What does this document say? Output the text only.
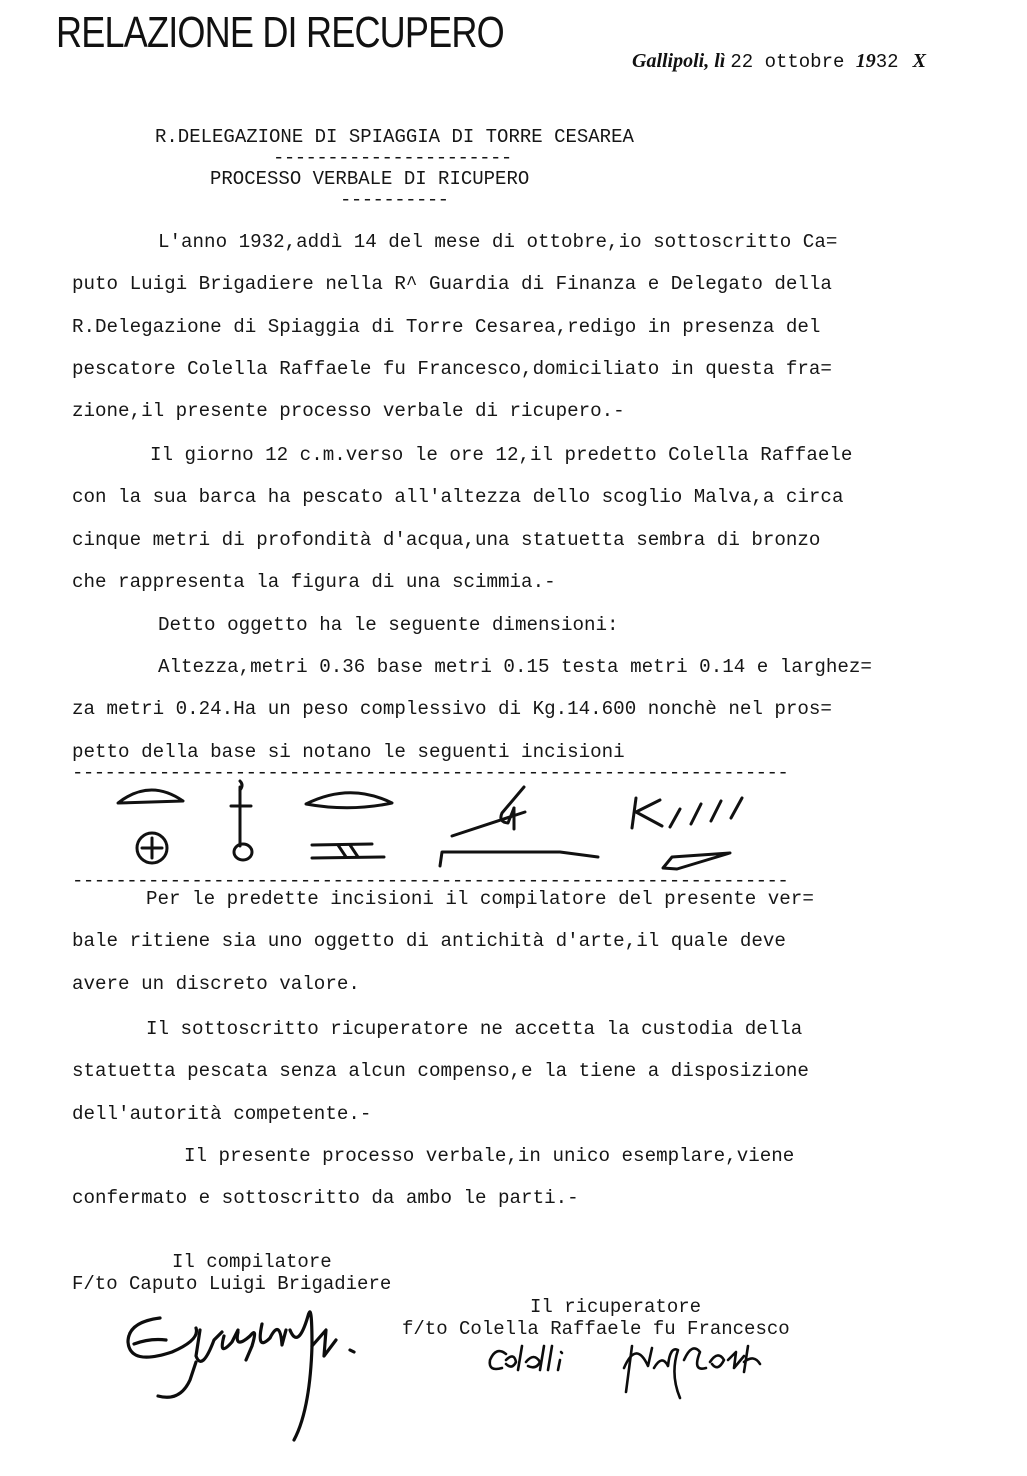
RELAZIONE DI RECUPERO
Gallipoli, lì 22 ottobre 1932 X
R.DELEGAZIONE DI SPIAGGIA DI TORRE CESAREA
----------------------
PROCESSO VERBALE DI RICUPERO
----------
L'anno 1932,addì 14 del mese di ottobre,io sottoscritto Ca=
puto Luigi Brigadiere nella R^ Guardia di Finanza e Delegato della
R.Delegazione di Spiaggia di Torre Cesarea,redigo in presenza del
pescatore Colella Raffaele fu Francesco,domiciliato in questa fra=
zione,il presente processo verbale di ricupero.-
Il giorno 12 c.m.verso le ore 12,il predetto Colella Raffaele
con la sua barca ha pescato all'altezza dello scoglio Malva,a circa
cinque metri di profondità d'acqua,una statuetta sembra di bronzo
che rappresenta la figura di una scimmia.-
Detto oggetto ha le seguente dimensioni:
Altezza,metri 0.36 base metri 0.15 testa metri 0.14 e larghez=
za metri 0.24.Ha un peso complessivo di Kg.14.600 nonchè nel pros=
petto della base si notano le seguenti incisioni
Per le predette incisioni il compilatore del presente ver=
bale ritiene sia uno oggetto di antichità d'arte,il quale deve
avere un discreto valore.
Il sottoscritto ricuperatore ne accetta la custodia della
statuetta pescata senza alcun compenso,e la tiene a disposizione
dell'autorità competente.-
Il presente processo verbale,in unico esemplare,viene
confermato e sottoscritto da ambo le parti.-
------------------------------------------------------------------
------------------------------------------------------------------
Il compilatore
F/to Caputo Luigi Brigadiere
Il ricuperatore
f/to Colella Raffaele fu Francesco
